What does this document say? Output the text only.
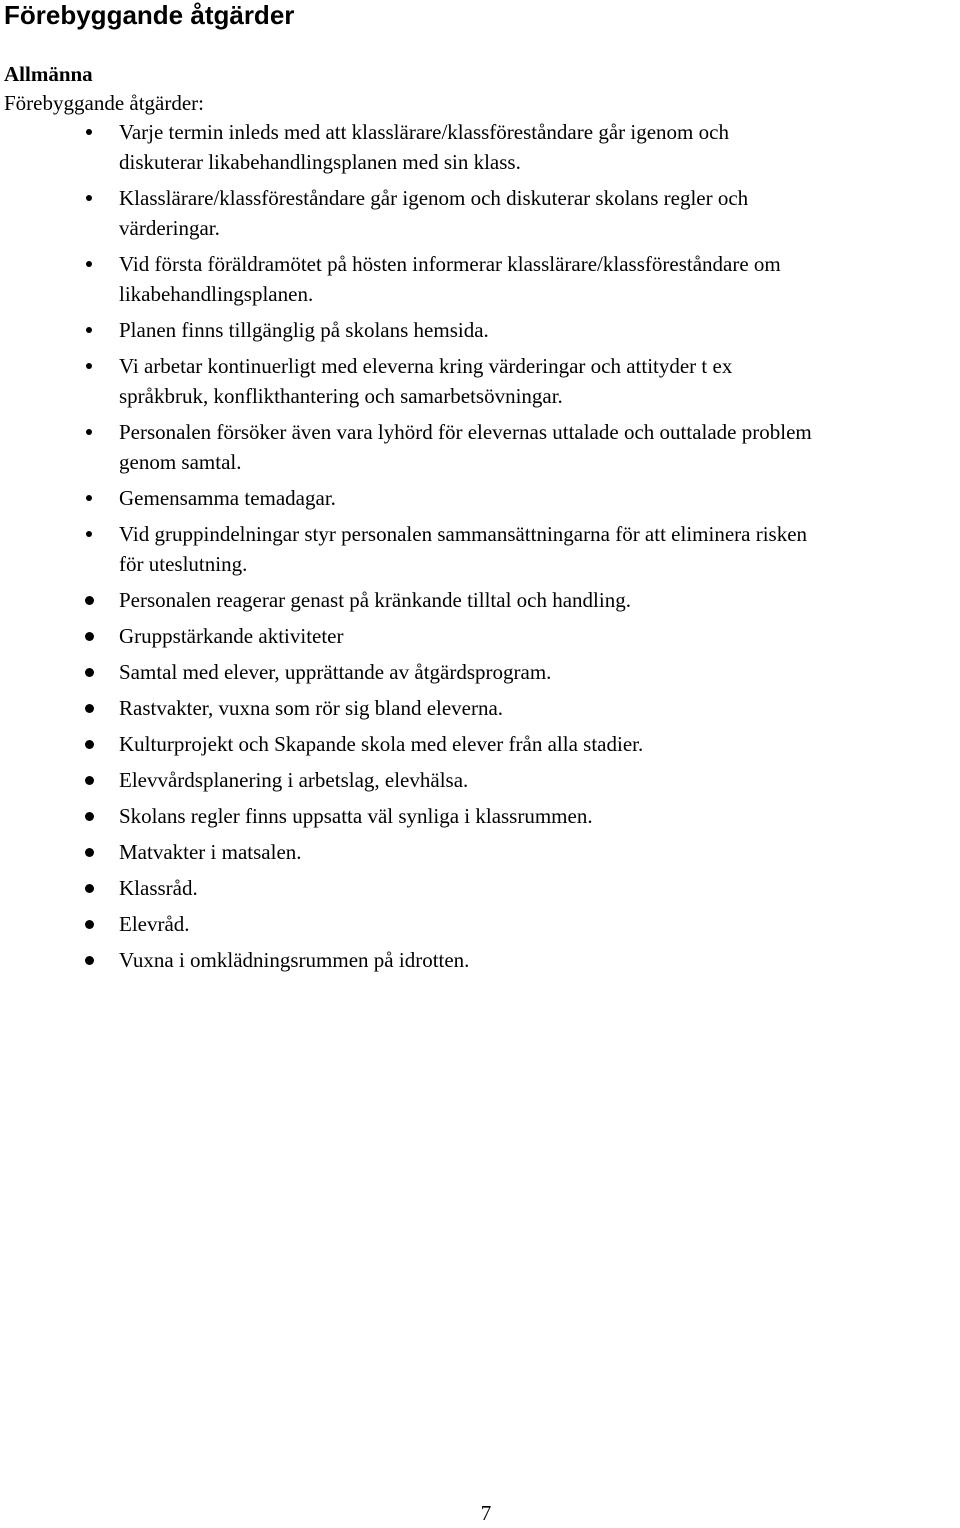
Förebyggande åtgärder
Allmänna

Förebyggande åtgärder:

Varje termin inleds med att klasslärare/klassföreståndare går igenom och
diskuterar likabehandlingsplanen med sin klass.
Klasslärare/klassföreståndare går igenom och diskuterar skolans regler och
värderingar.
Vid första föräldramötet på hösten informerar klasslärare/klassföreståndare om
likabehandlingsplanen.
Planen finns tillgänglig på skolans hemsida.
Vi arbetar kontinuerligt med eleverna kring värderingar och attityder t ex
språkbruk, konflikthantering och samarbetsövningar.
Personalen försöker även vara lyhörd för elevernas uttalade och outtalade problem
genom samtal.
Gemensamma temadagar.
Vid gruppindelningar styr personalen sammansättningarna för att eliminera risken
för uteslutning.
Personalen reagerar genast på kränkande tilltal och handling.
Gruppstärkande aktiviteter
Samtal med elever, upprättande av åtgärdsprogram.
Rastvakter, vuxna som rör sig bland eleverna.
Kulturprojekt och Skapande skola med elever från alla stadier.
Elevvårdsplanering i arbetslag, elevhälsa.
Skolans regler finns uppsatta väl synliga i klassrummen.
Matvakter i matsalen.
Klassråd.
Elevråd.
Vuxna i omklädningsrummen på idrotten.
7
